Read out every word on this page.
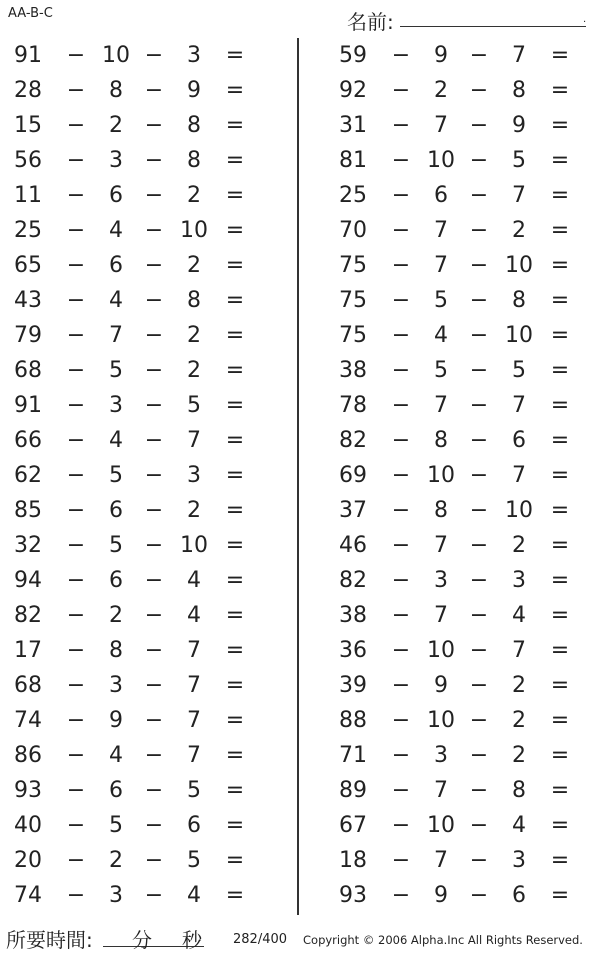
AA-B-C	名前:	.
91 − 10 −	3	=
28 −	8 −	9	=
15 −	2 −	8	=
56 −	3 −	8	=
11 −	6 −	2	=
25 −	4 − 10 =
65 −	6 −	2	=
43 −	4 −	8	=
79 −	7 −	2	=
68 −	5 −	2	=
91 −	3 −	5	=
66 −	4 −	7	=
62 −	5 −	3	=
85 −	6 −	2	=
32 −	5 − 10 =
94 −	6 −	4	=
82 −	2 −	4	=
17 −	8 −	7	=
68 −	3 −	7	=
74 −	9 −	7	=
86 −	4 −	7	=
93 −	6 −	5	=
40 −	5 −	6	=
20 −	2 −	5	=
74 −	3 −	4	=
59 −	9 −	7	=
92 −	2 −	8	=
31 −	7 −	9	=
81 − 10 −	5	=
25 −	6 −	7	=
70 −	7 −	2	=
75 −	7 − 10 =
75 −	5 −	8	=
75 −	4 − 10 =
38 −	5 −	5	=
78 −	7 −	7	=
82 −	8 −	6	=
69 − 10 −	7	=
37 −	8 − 10 =
46 −	7 −	2	=
82 −	3 −	3	=
38 −	7 −	4	=
36 − 10 −	7	=
39 −	9 −	2	=
88 − 10 −	2	=
71 −	3 −	2	=
89 −	7 −	8	=
67 − 10 −	4	=
18 −	7 −	3	=
93 −	9 −	6	=
所要時間: 分 秒 282/400 Copyright © 2006 Alpha.Inc All Rights Reserved.
